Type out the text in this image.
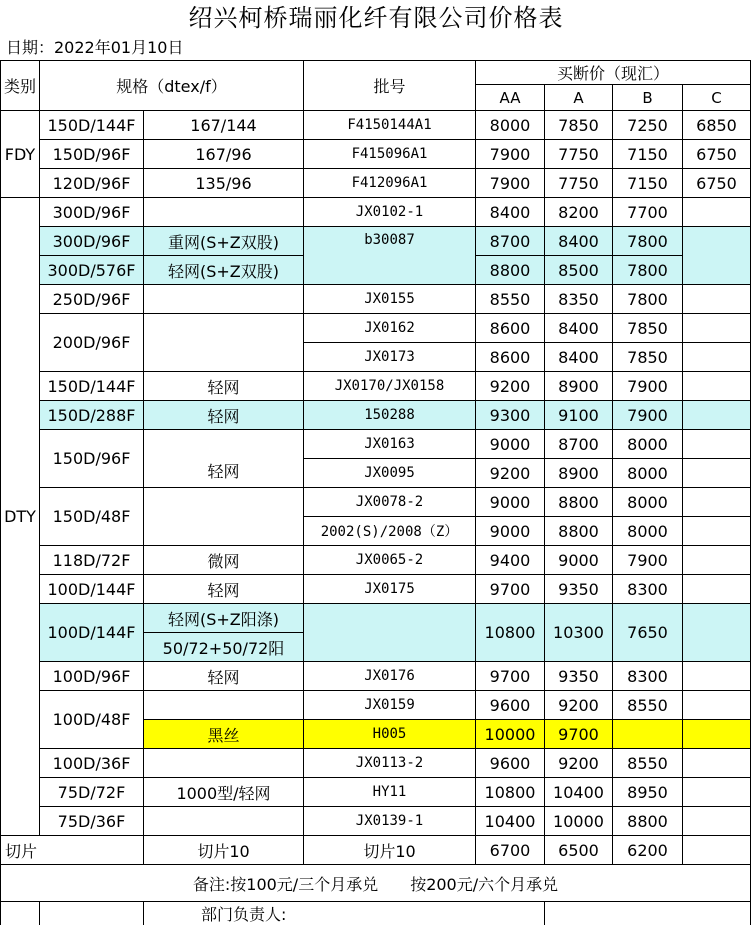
绍兴柯桥瑞丽化纤有限公司价格表
日期：2022年01月10日
类别	规格（dtex/f）		批号	买断价（现汇）			
				AA	A	B	C
FDY	150D/144F	167/144	F4150144A1	8000	7850	7250	6850
	150D/96F	167/96	F415096A1	7900	7750	7150	6750
	120D/96F	135/96	F412096A1	7900	7750	7150	6750
DTY	300D/96F		JX0102-1	8400	8200	7700	
	300D/96F	重网(S+Z双股)	b30087	8700	8400	7800	
	300D/576F	轻网(S+Z双股)		8800	8500	7800	
	250D/96F		JX0155	8550	8350	7800	
	200D/96F		JX0162	8600	8400	7850	
			JX0173	8600	8400	7850	
	150D/144F	轻网	JX0170/JX0158	9200	8900	7900	
	150D/288F	轻网	150288	9300	9100	7900	
	150D/96F	轻网	JX0163	9000	8700	8000	
			JX0095	9200	8900	8000	
	150D/48F		JX0078-2	9000	8800	8000	
			2002(S)/2008（Z）	9000	8800	8000	
	118D/72F	微网	JX0065-2	9400	9000	7900	
	100D/144F	轻网	JX0175	9700	9350	8300	
	100D/144F	轻网(S+Z阳涤)		10800	10300	7650	
		50/72+50/72阳					
	100D/96F	轻网	JX0176	9700	9350	8300	
	100D/48F		JX0159	9600	9200	8550	
		黑丝	H005	10000	9700		
	100D/36F		JX0113-2	9600	9200	8550	
	75D/72F	1000型/轻网	HY11	10800	10400	8950	
	75D/36F		JX0139-1	10400	10000	8800	
切片		切片10	切片10	6700	6500	6200	
备注:按100元/三个月承兑　　按200元/六个月承兑							
		部门负责人:					
